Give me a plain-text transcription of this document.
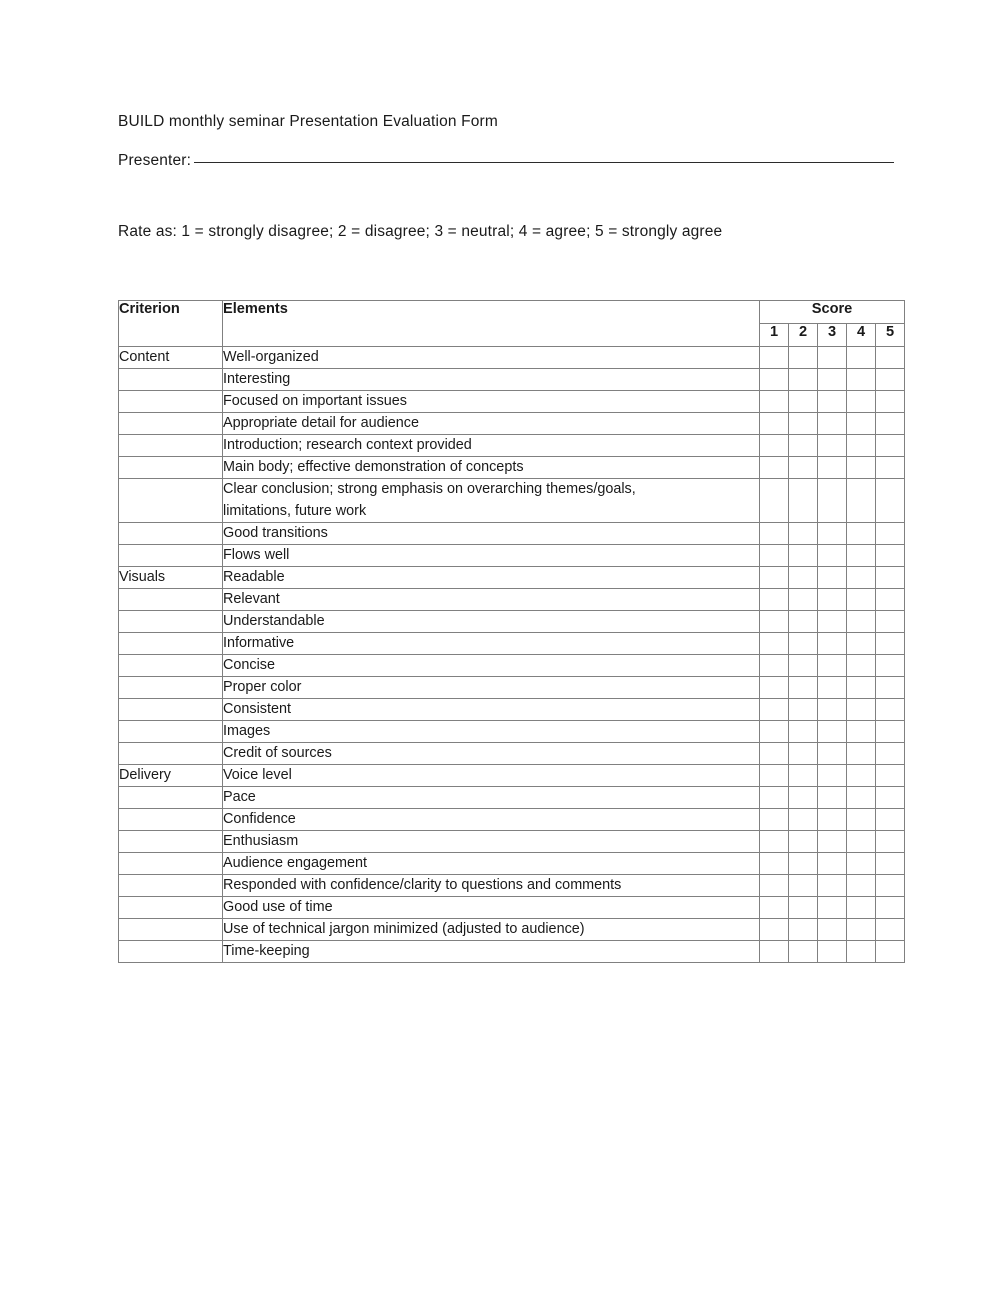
BUILD monthly seminar Presentation Evaluation Form
Presenter:
Rate as: 1 = strongly disagree; 2 = disagree; 3 = neutral; 4 = agree; 5 = strongly agree
Criterion	Elements	Score				
		1	2	3	4	5
Content	Well-organized					

	Interesting					

	Focused on important issues					

	Appropriate detail for audience					

	Introduction; research context provided					

	Main body; effective demonstration of concepts					

	Clear conclusion; strong emphasis on overarching themes/goals,
limitations, future work					

	Good transitions					

	Flows well					

Visuals	Readable					

	Relevant					

	Understandable					

	Informative					

	Concise					

	Proper color					

	Consistent					

	Images					

	Credit of sources					

Delivery	Voice level					

	Pace					

	Confidence					

	Enthusiasm					

	Audience engagement					

	Responded with confidence/clarity to questions and comments					

	Good use of time					

	Use of technical jargon minimized (adjusted to audience)					

	Time-keeping					
